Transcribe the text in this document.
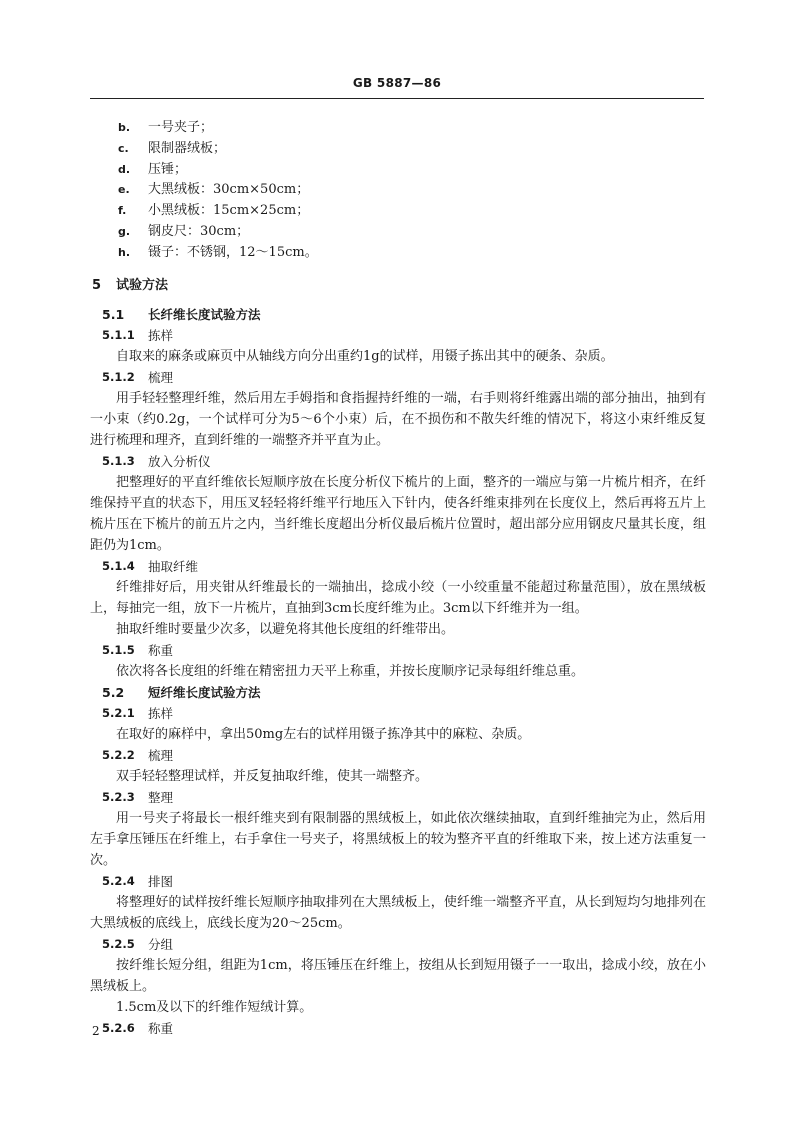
GB 5887—86
b.	一号夹子；
c.	限制器绒板；
d.	压锤；
e.	大黑绒板：30cm×50cm；
f.	小黑绒板：15cm×25cm；
g.	钢皮尺：30cm；
h.	镊子：不锈钢，12～15cm。
5 试验方法
5.1	长纤维长度试验方法
5.1.1	拣样

自取来的麻条或麻页中从轴线方向分出重约1g的试样，用镊子拣出其中的硬条、杂质。

5.1.2	梳理

用手轻轻整理纤维，然后用左手姆指和食指握持纤维的一端，右手则将纤维露出端的部分抽出，抽到有一小束（约0.2g，一个试样可分为5～6个小束）后，在不损伤和不散失纤维的情况下，将这小束纤维反复进行梳理和理齐，直到纤维的一端整齐并平直为止。

5.1.3	放入分析仪

把整理好的平直纤维依长短顺序放在长度分析仪下梳片的上面，整齐的一端应与第一片梳片相齐，在纤维保持平直的状态下，用压叉轻轻将纤维平行地压入下针内，使各纤维束排列在长度仪上，然后再将五片上梳片压在下梳片的前五片之内，当纤维长度超出分析仪最后梳片位置时，超出部分应用钢皮尺量其长度，组距仍为1cm。

5.1.4	抽取纤维

纤维排好后，用夹钳从纤维最长的一端抽出，捻成小绞（一小绞重量不能超过称量范围），放在黑绒板上，每抽完一组，放下一片梳片，直抽到3cm长度纤维为止。3cm以下纤维并为一组。

抽取纤维时要量少次多，以避免将其他长度组的纤维带出。

5.1.5	称重

依次将各长度组的纤维在精密扭力天平上称重，并按长度顺序记录每组纤维总重。

5.2	短纤维长度试验方法
5.2.1	拣样

在取好的麻样中，拿出50mg左右的试样用镊子拣净其中的麻粒、杂质。

5.2.2	梳理

双手轻轻整理试样，并反复抽取纤维，使其一端整齐。

5.2.3	整理

用一号夹子将最长一根纤维夹到有限制器的黑绒板上，如此依次继续抽取，直到纤维抽完为止，然后用左手拿压锤压在纤维上，右手拿住一号夹子，将黑绒板上的较为整齐平直的纤维取下来，按上述方法重复一次。

5.2.4	排图

将整理好的试样按纤维长短顺序抽取排列在大黑绒板上，使纤维一端整齐平直，从长到短均匀地排列在大黑绒板的底线上，底线长度为20～25cm。

5.2.5	分组

按纤维长短分组，组距为1cm，将压锤压在纤维上，按组从长到短用镊子一一取出，捻成小绞，放在小黑绒板上。

1.5cm及以下的纤维作短绒计算。

5.2.6	称重
2
